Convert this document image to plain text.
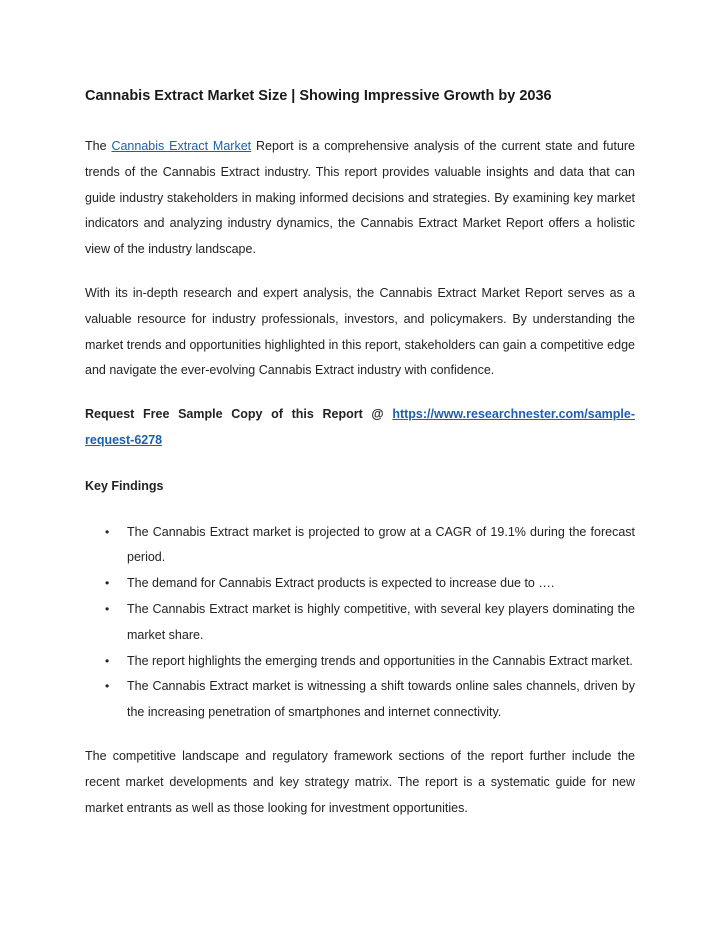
Cannabis Extract Market Size | Showing Impressive Growth by 2036

The Cannabis Extract Market Report is a comprehensive analysis of the current state and future trends of the Cannabis Extract industry. This report provides valuable insights and data that can guide industry stakeholders in making informed decisions and strategies. By examining key market indicators and analyzing industry dynamics, the Cannabis Extract Market Report offers a holistic view of the industry landscape.

With its in-depth research and expert analysis, the Cannabis Extract Market Report serves as a valuable resource for industry professionals, investors, and policymakers. By understanding the market trends and opportunities highlighted in this report, stakeholders can gain a competitive edge and navigate the ever-evolving Cannabis Extract industry with confidence.

Request Free Sample Copy of this Report @ https://www.researchnester.com/sample-request-6278

Key Findings

• The Cannabis Extract market is projected to grow at a CAGR of 19.1% during the forecast period.
• The demand for Cannabis Extract products is expected to increase due to ….
• The Cannabis Extract market is highly competitive, with several key players dominating the market share.
• The report highlights the emerging trends and opportunities in the Cannabis Extract market.
• The Cannabis Extract market is witnessing a shift towards online sales channels, driven by the increasing penetration of smartphones and internet connectivity.

The competitive landscape and regulatory framework sections of the report further include the recent market developments and key strategy matrix. The report is a systematic guide for new market entrants as well as those looking for investment opportunities.
